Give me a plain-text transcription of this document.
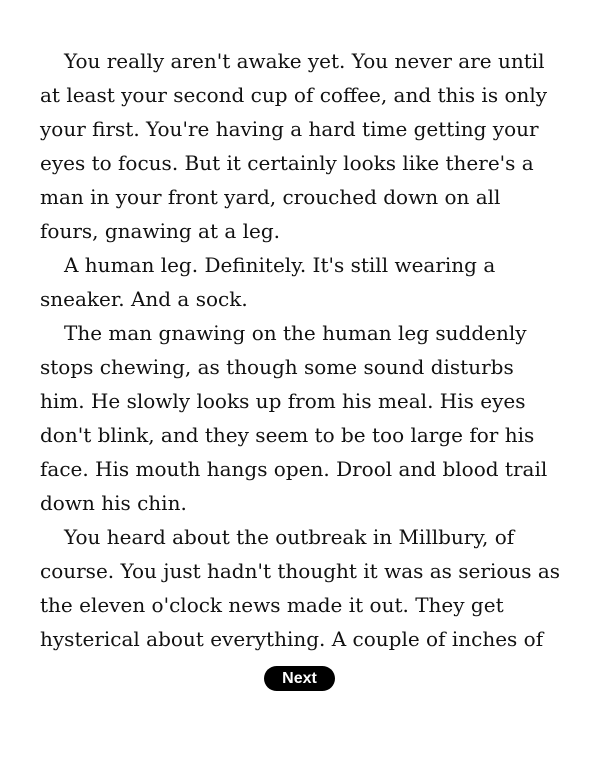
You really aren't awake yet. You never are until at least your second cup of coffee, and this is only your first. You're having a hard time getting your eyes to focus. But it certainly looks like there's a man in your front yard, crouched down on all fours, gnawing at a leg.

A human leg. Definitely. It's still wearing a sneaker. And a sock.

The man gnawing on the human leg suddenly stops chewing, as though some sound disturbs him. He slowly looks up from his meal. His eyes don't blink, and they seem to be too large for his face. His mouth hangs open. Drool and blood trail down his chin.

You heard about the outbreak in Millbury, of course. You just hadn't thought it was as serious as the eleven o'clock news made it out. They get hysterical about everything. A couple of inches of

Next
